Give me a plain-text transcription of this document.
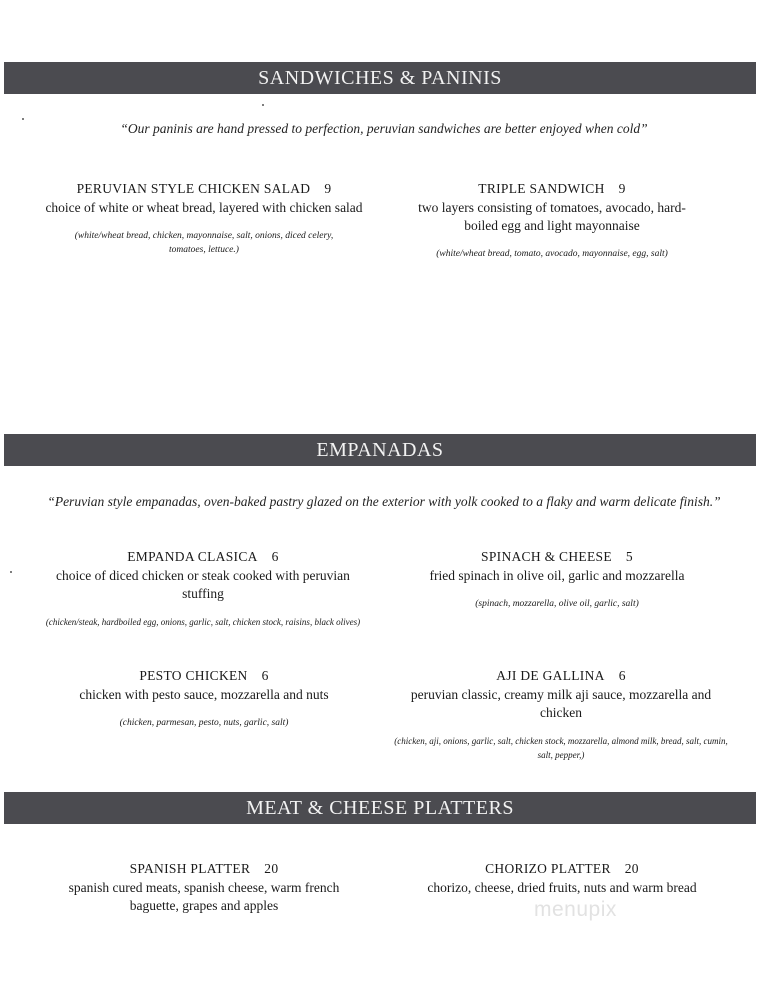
SANDWICHES & PANINIS
“Our paninis are hand pressed to perfection, peruvian sandwiches are better enjoyed when cold”
PERUVIAN STYLE CHICKEN SALAD 9
choice of white or wheat bread, layered with chicken salad
(white/wheat bread, chicken, mayonnaise, salt, onions, diced celery, tomatoes, lettuce.)
TRIPLE SANDWICH 9
two layers consisting of tomatoes, avocado, hard-boiled egg and light mayonnaise
(white/wheat bread, tomato, avocado, mayonnaise, egg, salt)
EMPANADAS
“Peruvian style empanadas, oven-baked pastry glazed on the exterior with yolk cooked to a flaky and warm delicate finish.”
EMPANDA CLASICA 6
choice of diced chicken or steak cooked with peruvian stuffing
(chicken/steak, hardboiled egg, onions, garlic, salt, chicken stock, raisins, black olives)
SPINACH & CHEESE 5
fried spinach in olive oil, garlic and mozzarella
(spinach, mozzarella, olive oil, garlic, salt)
PESTO CHICKEN 6
chicken with pesto sauce, mozzarella and nuts
(chicken, parmesan, pesto, nuts, garlic, salt)
AJI DE GALLINA 6
peruvian classic, creamy milk aji sauce, mozzarella and chicken
(chicken, aji, onions, garlic, salt, chicken stock, mozzarella, almond milk, bread, salt, cumin, salt, pepper,)
MEAT & CHEESE PLATTERS
SPANISH PLATTER 20
spanish cured meats, spanish cheese, warm french baguette, grapes and apples
CHORIZO PLATTER 20
chorizo, cheese, dried fruits, nuts and warm bread
menupix
